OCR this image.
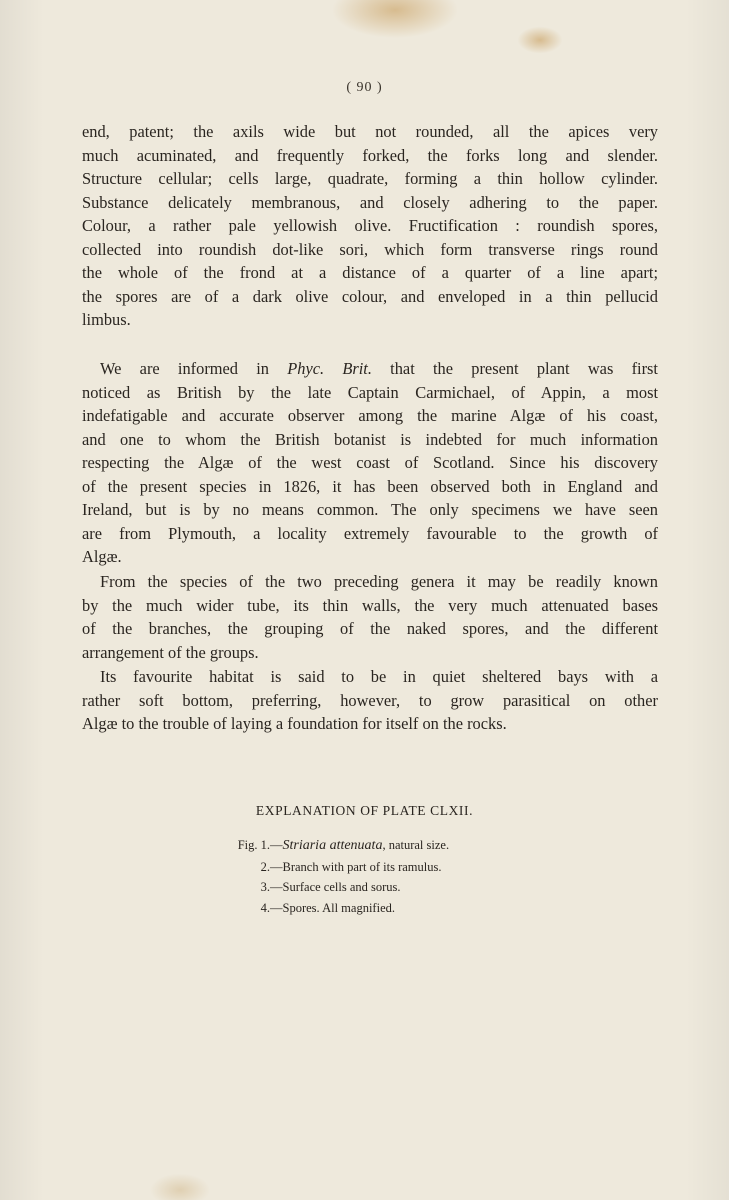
( 90 )
end, patent; the axils wide but not rounded, all the apices very
much acuminated, and frequently forked, the forks long and slender.
Structure cellular; cells large, quadrate, forming a thin hollow cylinder.
Substance delicately membranous, and closely adhering to the paper.
Colour, a rather pale yellowish olive. Fructification : roundish spores,
collected into roundish dot-like sori, which form transverse rings round
the whole of the frond at a distance of a quarter of a line apart;
the spores are of a dark olive colour, and enveloped in a thin pellucid
limbus.
We are informed in Phyc. Brit. that the present plant was first
noticed as British by the late Captain Carmichael, of Appin, a most
indefatigable and accurate observer among the marine Algæ of his coast,
and one to whom the British botanist is indebted for much information
respecting the Algæ of the west coast of Scotland. Since his discovery
of the present species in 1826, it has been observed both in England and
Ireland, but is by no means common. The only specimens we have seen
are from Plymouth, a locality extremely favourable to the growth of
Algæ.
From the species of the two preceding genera it may be readily known
by the much wider tube, its thin walls, the very much attenuated bases
of the branches, the grouping of the naked spores, and the different
arrangement of the groups.
Its favourite habitat is said to be in quiet sheltered bays with a
rather soft bottom, preferring, however, to grow parasitical on other
Algæ to the trouble of laying a foundation for itself on the rocks.
EXPLANATION OF PLATE CLXII.
Fig. 1.—Striaria attenuata, natural size.
2.—Branch with part of its ramulus.
3.—Surface cells and sorus.
4.—Spores. All magnified.
